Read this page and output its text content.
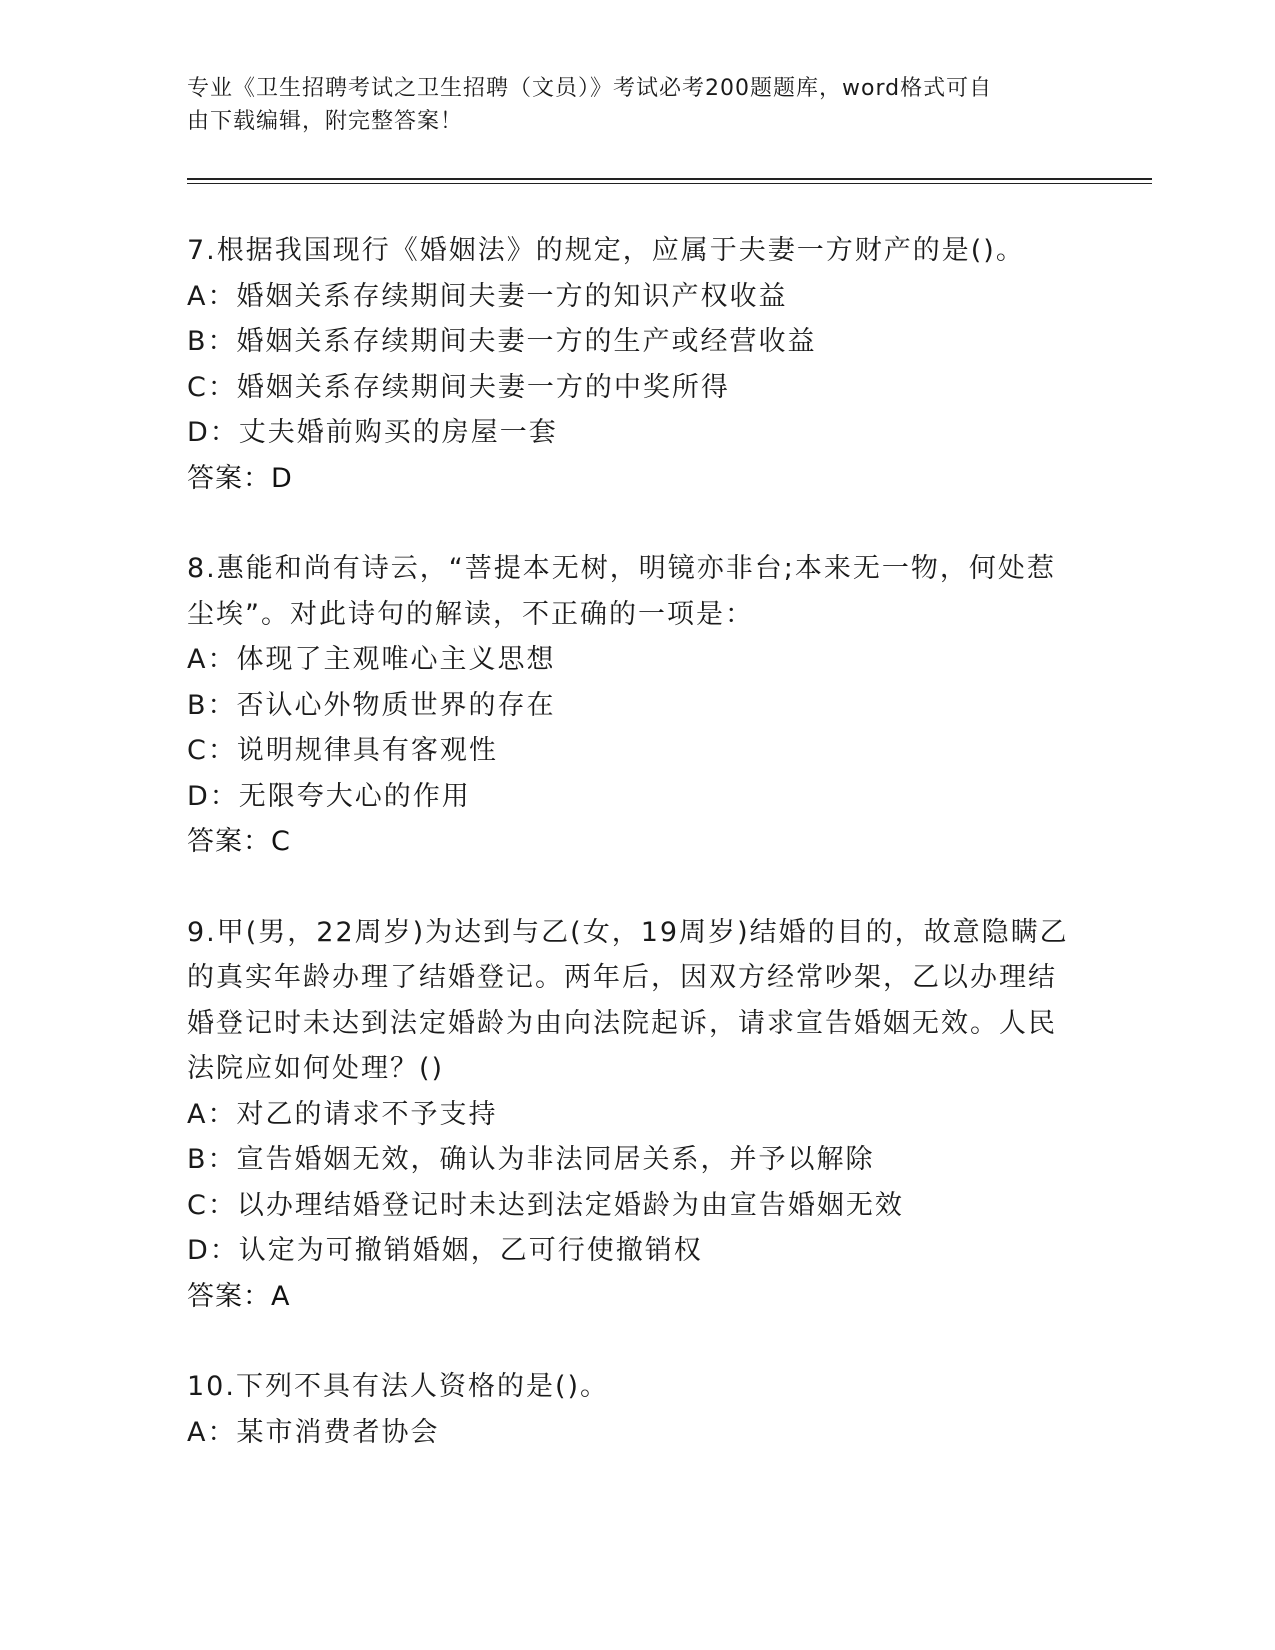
专业《卫生招聘考试之卫生招聘（文员）》考试必考200题题库，word格式可自
由下载编辑，附完整答案！
7.根据我国现行《婚姻法》的规定，应属于夫妻一方财产的是()。
A：婚姻关系存续期间夫妻一方的知识产权收益
B：婚姻关系存续期间夫妻一方的生产或经营收益
C：婚姻关系存续期间夫妻一方的中奖所得
D：丈夫婚前购买的房屋一套
答案：D
8.惠能和尚有诗云，“菩提本无树，明镜亦非台;本来无一物，何处惹
尘埃”。对此诗句的解读，不正确的一项是：
A：体现了主观唯心主义思想
B：否认心外物质世界的存在
C：说明规律具有客观性
D：无限夸大心的作用
答案：C
9.甲(男，22周岁)为达到与乙(女，19周岁)结婚的目的，故意隐瞒乙
的真实年龄办理了结婚登记。两年后，因双方经常吵架，乙以办理结
婚登记时未达到法定婚龄为由向法院起诉，请求宣告婚姻无效。人民
法院应如何处理？()
A：对乙的请求不予支持
B：宣告婚姻无效，确认为非法同居关系，并予以解除
C：以办理结婚登记时未达到法定婚龄为由宣告婚姻无效
D：认定为可撤销婚姻，乙可行使撤销权
答案：A
10.下列不具有法人资格的是()。
A：某市消费者协会
